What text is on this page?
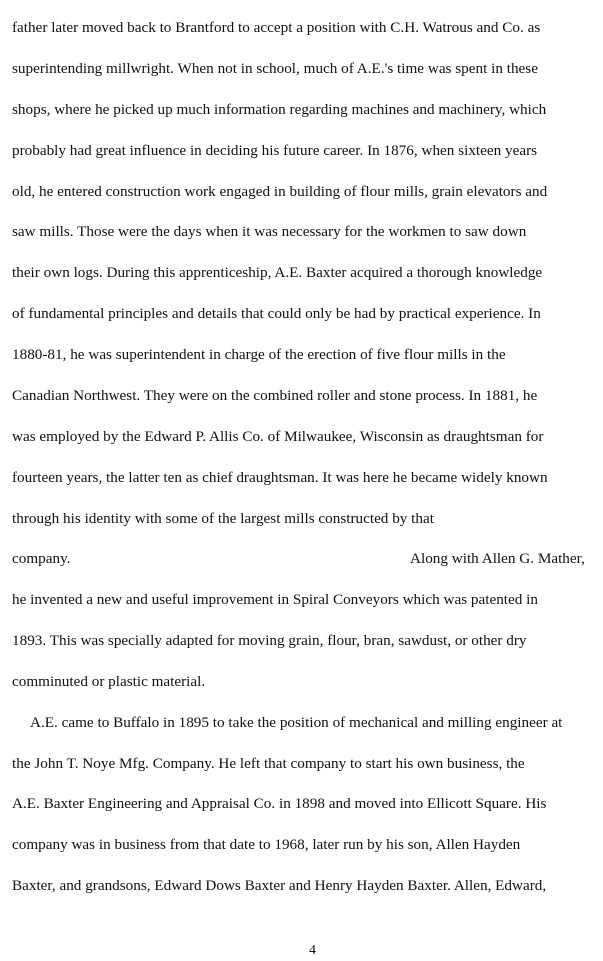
father later moved back to Brantford to accept a position with C.H. Watrous and Co. as
superintending millwright. When not in school, much of A.E.'s time was spent in these
shops, where he picked up much information regarding machines and machinery, which
probably had great influence in deciding his future career. In 1876, when sixteen years
old, he entered construction work engaged in building of flour mills, grain elevators and
saw mills. Those were the days when it was necessary for the workmen to saw down
their own logs. During this apprenticeship, A.E. Baxter acquired a thorough knowledge
of fundamental principles and details that could only be had by practical experience. In
1880-81, he was superintendent in charge of the erection of five flour mills in the
Canadian Northwest. They were on the combined roller and stone process. In 1881, he
was employed by the Edward P. Allis Co. of Milwaukee, Wisconsin as draughtsman for
fourteen years, the latter ten as chief draughtsman. It was here he became widely known
through his identity with some of the largest mills constructed by that
company.	Along with Allen G. Mather,
he invented a new and useful improvement in Spiral Conveyors which was patented in
1893. This was specially adapted for moving grain, flour, bran, sawdust, or other dry
comminuted or plastic material.
A.E. came to Buffalo in 1895 to take the position of mechanical and milling engineer at
the John T. Noye Mfg. Company. He left that company to start his own business, the
A.E. Baxter Engineering and Appraisal Co. in 1898 and moved into Ellicott Square. His
company was in business from that date to 1968, later run by his son, Allen Hayden
Baxter, and grandsons, Edward Dows Baxter and Henry Hayden Baxter. Allen, Edward,
4
